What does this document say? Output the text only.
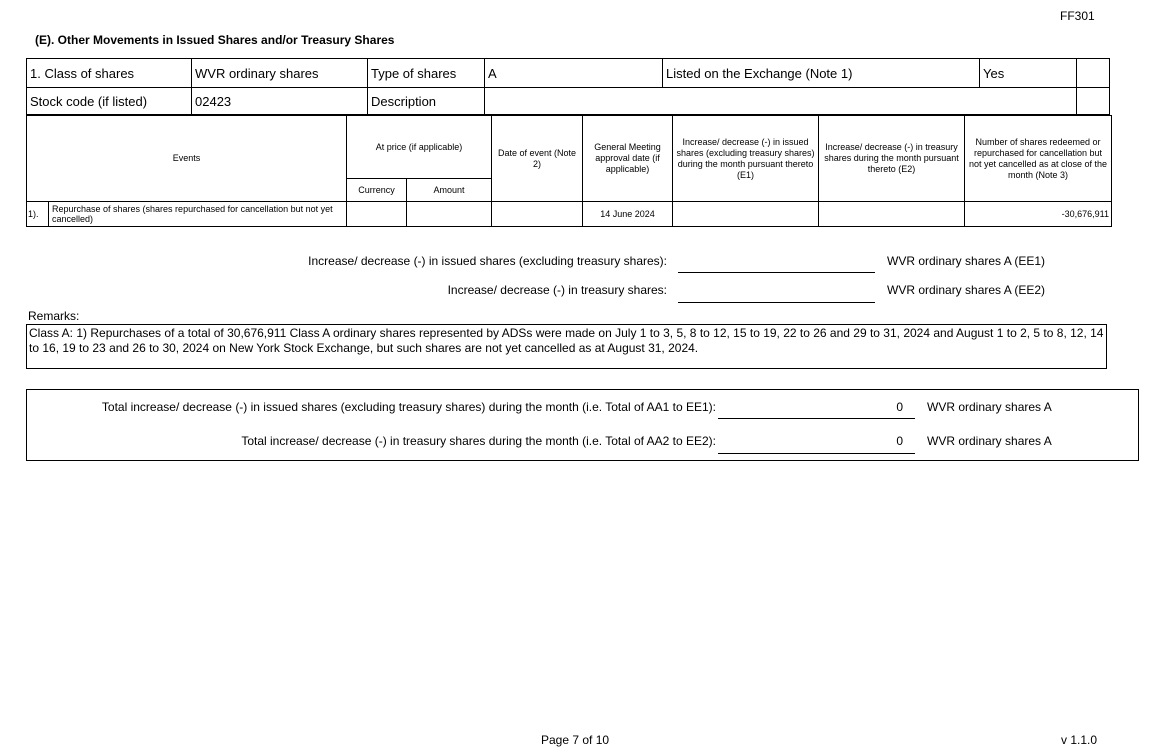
FF301
(E). Other Movements in Issued Shares and/or Treasury Shares
1. Class of shares	WVR ordinary shares	Type of shares	A	Listed on the Exchange (Note 1)	Yes	
Stock code (if listed)	02423	Description				
Events		At price (if applicable)		Date of event (Note 2)	General Meeting approval date (if applicable)	Increase/ decrease (-) in issued shares (excluding treasury shares) during the month pursuant thereto (E1)	Increase/ decrease (-) in treasury shares during the month pursuant thereto (E2)	Number of shares redeemed or repurchased for cancellation but not yet cancelled as at close of the month (Note 3)
		Currency	Amount					
1).	Repurchase of shares (shares repurchased for cancellation but not yet cancelled)				14 June 2024			-30,676,911
Increase/ decrease (-) in issued shares (excluding treasury shares):	WVR ordinary shares A (EE1)
Increase/ decrease (-) in treasury shares:	WVR ordinary shares A (EE2)
Remarks:
Class A: 1) Repurchases of a total of 30,676,911 Class A ordinary shares represented by ADSs were made on July 1 to 3, 5, 8 to 12, 15 to 19, 22 to 26 and 29 to 31, 2024 and August 1 to 2, 5 to 8, 12, 14 to 16, 19 to 23 and 26 to 30, 2024 on New York Stock Exchange, but such shares are not yet cancelled as at August 31, 2024.
Total increase/ decrease (-) in issued shares (excluding treasury shares) during the month (i.e. Total of AA1 to EE1):	0 WVR ordinary shares A
Total increase/ decrease (-) in treasury shares during the month (i.e. Total of AA2 to EE2):	0 WVR ordinary shares A
Page 7 of 10	v 1.1.0
